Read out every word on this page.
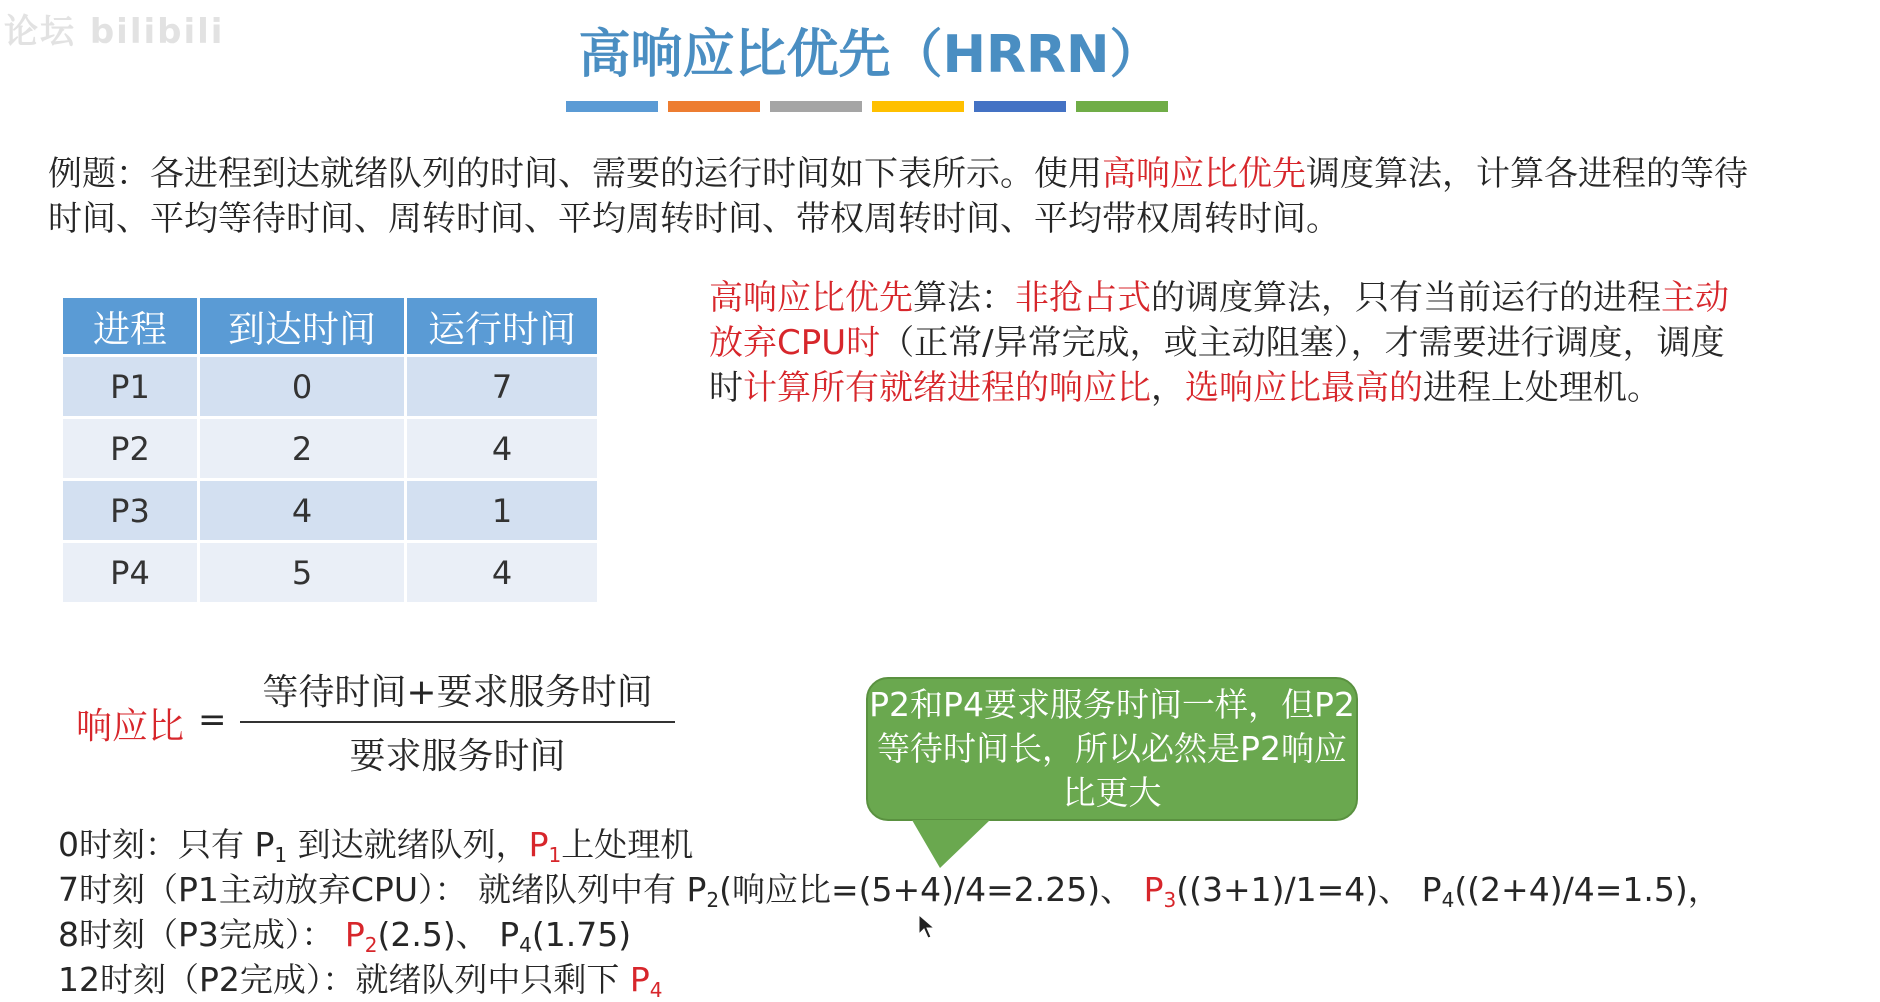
论坛 bilibili	高响应比优先（HRRN）
例题：各进程到达就绪队列的时间、需要的运行时间如下表所示。使用高响应比优先调度算法，计算各进程的等待时间、平均等待时间、周转时间、平均周转时间、带权周转时间、平均带权周转时间。
进程	到达时间	运行时间
P1	0	7
P2	2	4
P3	4	1
P4	5	4
高响应比优先算法：非抢占式的调度算法，只有当前运行的进程主动放弃CPU时（正常/异常完成，或主动阻塞），才需要进行调度，调度时计算所有就绪进程的响应比，选响应比最高的进程上处理机。
响应比 =
等待时间+要求服务时间
要求服务时间
P2和P4要求服务时间一样，但P2等待时间长，所以必然是P2响应比更大
0时刻：只有 $P_1$ 到达就绪队列，$P_1$上处理机
7时刻（P1主动放弃CPU）： 就绪队列中有 $P_2$(响应比=(5+4)/4=2.25)、 $P_3((3+1)/1=4)$、 $P_4((2+4)/4=1.5)$，
8时刻（P3完成）： $P_2(2.5)$、 $P_4(1.75)$
12时刻（P2完成）：就绪队列中只剩下 $P_4$
